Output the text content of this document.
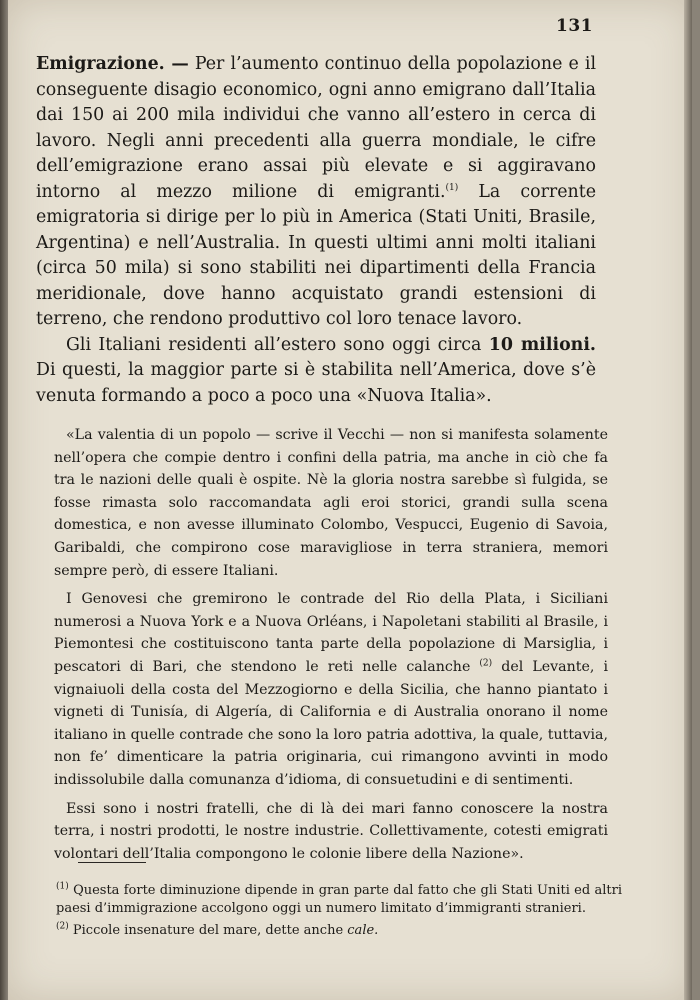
131

Emigrazione. — Per l’aumento continuo della popolazione e il conseguente disagio economico, ogni anno emigrano dall’Italia dai 150 ai 200 mila individui che vanno all’estero in cerca di lavoro. Negli anni precedenti alla guerra mondiale, le cifre dell’emigrazione erano assai più elevate e si aggiravano intorno al mezzo milione di emigranti.$^{(1)}$ La corrente emigratoria si dirige per lo più in America (Stati Uniti, Brasile, Argentina) e nell’Australia. In questi ultimi anni molti italiani (circa 50 mila) si sono stabiliti nei dipartimenti della Francia meridionale, dove hanno acquistato grandi estensioni di terreno, che rendono produttivo col loro tenace lavoro.

Gli Italiani residenti all’estero sono oggi circa 10 milioni. Di questi, la maggior parte si è stabilita nell’America, dove s’è venuta formando a poco a poco una «Nuova Italia».

«La valentia di un popolo — scrive il Vecchi — non si manifesta solamente nell’opera che compie dentro i confini della patria, ma anche in ciò che fa tra le nazioni delle quali è ospite. Nè la gloria nostra sarebbe sì fulgida, se fosse rimasta solo raccomandata agli eroi storici, grandi sulla scena domestica, e non avesse illuminato Colombo, Vespucci, Eugenio di Savoia, Garibaldi, che compirono cose maravigliose in terra straniera, memori sempre però, di essere Italiani.

I Genovesi che gremirono le contrade del Rio della Plata, i Siciliani numerosi a Nuova York e a Nuova Orléans, i Napoletani stabiliti al Brasile, i Piemontesi che costituiscono tanta parte della popolazione di Marsiglia, i pescatori di Bari, che stendono le reti nelle calanche $^{(2)}$ del Levante, i vignaiuoli della costa del Mezzogiorno e della Sicilia, che hanno piantato i vigneti di Tunisía, di Algería, di California e di Australia onorano il nome italiano in quelle contrade che sono la loro patria adottiva, la quale, tuttavia, non fe’ dimenticare la patria originaria, cui rimangono avvinti in modo indissolubile dalla comunanza d’idioma, di consuetudini e di sentimenti.

Essi sono i nostri fratelli, che di là dei mari fanno conoscere la nostra terra, i nostri prodotti, le nostre industrie. Collettivamente, cotesti emigrati volontari dell’Italia compongono le colonie libere della Nazione».

$^{(1)}$ Questa forte diminuzione dipende in gran parte dal fatto che gli Stati Uniti ed altri paesi d’immigrazione accolgono oggi un numero limitato d’immigranti stranieri.

$^{(2)}$ Piccole insenature del mare, dette anche cale.
